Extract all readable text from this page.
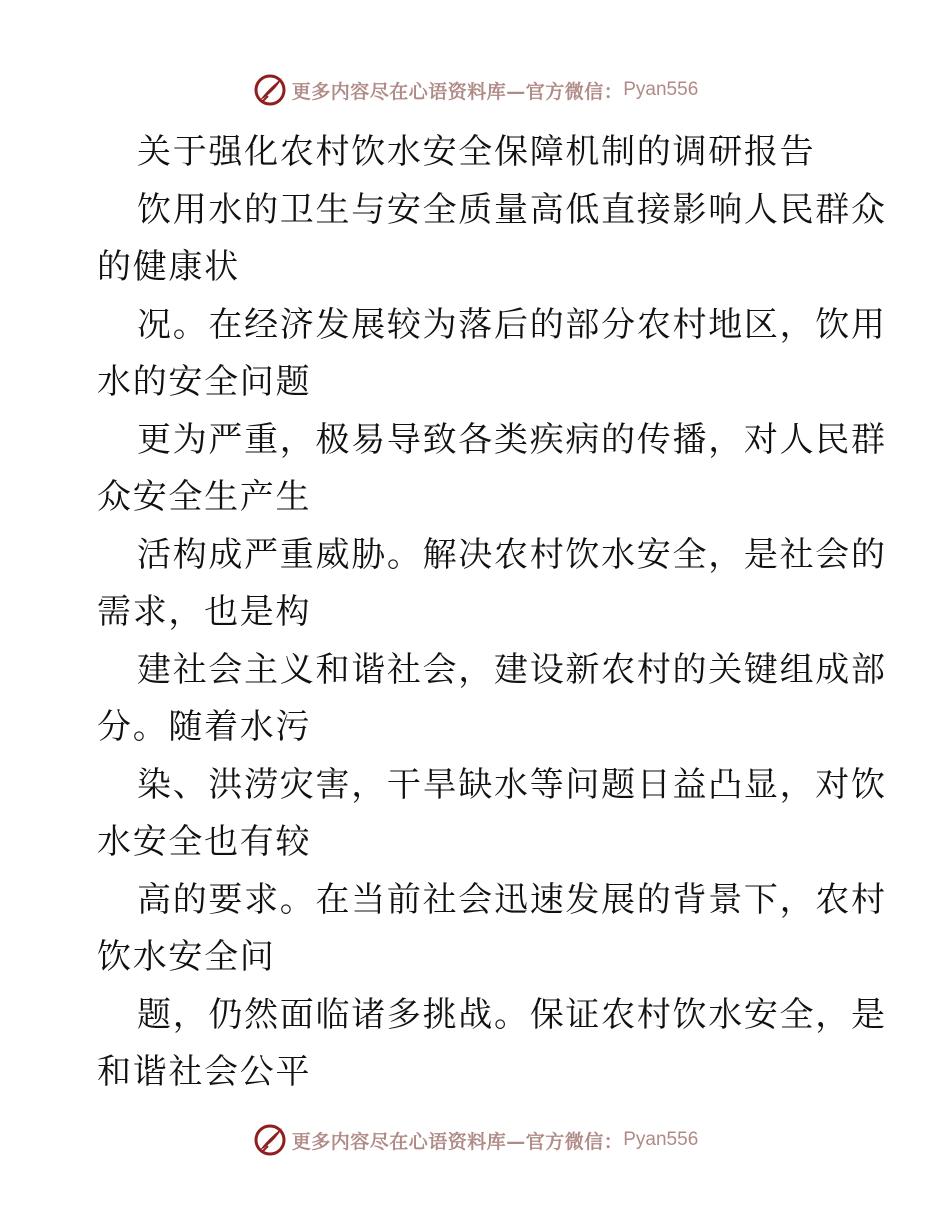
更多内容尽在心语资料库—官方微信： Pyan556
关于强化农村饮水安全保障机制的调研报告
饮用水的卫生与安全质量高低直接影响人民群众
的健康状
况。在经济发展较为落后的部分农村地区，饮用
水的安全问题
更为严重，极易导致各类疾病的传播，对人民群
众安全生产生
活构成严重威胁。解决农村饮水安全，是社会的
需求，也是构
建社会主义和谐社会，建设新农村的关键组成部
分。随着水污
染、洪涝灾害，干旱缺水等问题日益凸显，对饮
水安全也有较
高的要求。在当前社会迅速发展的背景下，农村
饮水安全问
题，仍然面临诸多挑战。保证农村饮水安全，是
和谐社会公平
更多内容尽在心语资料库—官方微信： Pyan556
